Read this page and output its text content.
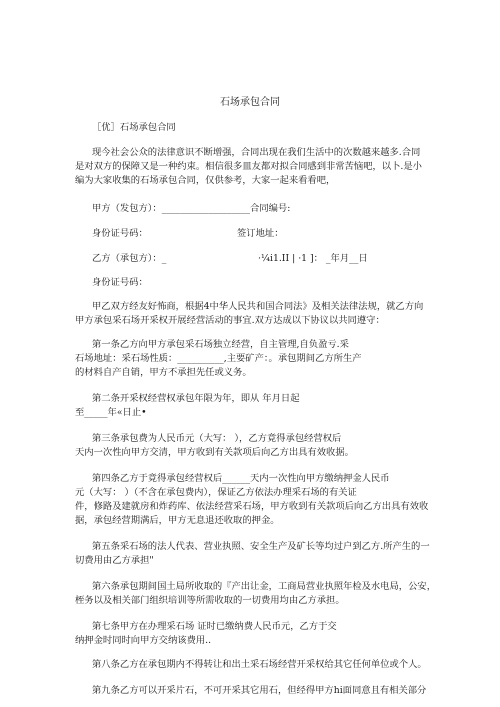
石场承包合同
［优］石场承包合同
现今社会公众的法律意识不断增强，合同出现在我们生活中的次数越来越多.合同
是对双方的保障又是一种约束。相信很多皿友都对拟合同感到非常苦恼吧，以卜.是小
编为大家收集的石场承包合同，仅供参考，大家一起来看看吧，
甲方（发包方）：___________________合同编号:
身份证号码：	签订地址：
乙方（承包方）：_	·¼i1.II | ·1 ]： _年月__日
身份证号码：
甲乙双方经友好怖商，根据4中华人民共和国合同法》及相关法律法规，就乙方向
甲方承包采石场开采权开展经营活动的事宜.双方达成以下协议以共同遵守：
第一条乙方向甲方承包采石场独立经营，自主管理,自负盈亏.采
石场地址：采石场性质：__________,主要矿产：。承包期间乙方所生产
的材料自产自销，甲方不承担先任或义务。
第二条开采权经营权承包年限为年，即从 年月日起
至_____年«日止•
第三条承包费为人民币元（大写： ），乙方竟得承包经营权后
天内一次性向甲方交清，甲方收到有关款项后向乙方出具有效收据。
第四条乙方于竟得承包经营权后______天内一次性向甲方缴纳押金人民币
元（大写： ）（不含在承包费内），保证乙方依法办理采石场的有关证
件，修路及建就房和炸药库、依法经营采石场，甲方收到有关款项后向乙方出具有效收
据，承包经营期满后，甲方无息退还收取的押金。
第五条采石场的法人代表、营业执照、安全生产及矿长等均过户到乙方.所产生的一
切费用由乙方承担"
第六条承包期间国土局所收取的『产出让金，工商局营业执照年检及水电局，公安，
桎务以及相关部门组织培训等所需收取的一切费用均由乙方承担。
第七条甲方在办理采石场 证时已缴纳费人民币元，乙方于交
纳押金时同时向甲方交纳该费用..
第八条乙方在承包期内不得转让和出土采石场经营开采权给其它任何单位或个人。
第九条乙方可以开采片石，不可开采其它用石，但经得甲方hi面同意且有相关部分
